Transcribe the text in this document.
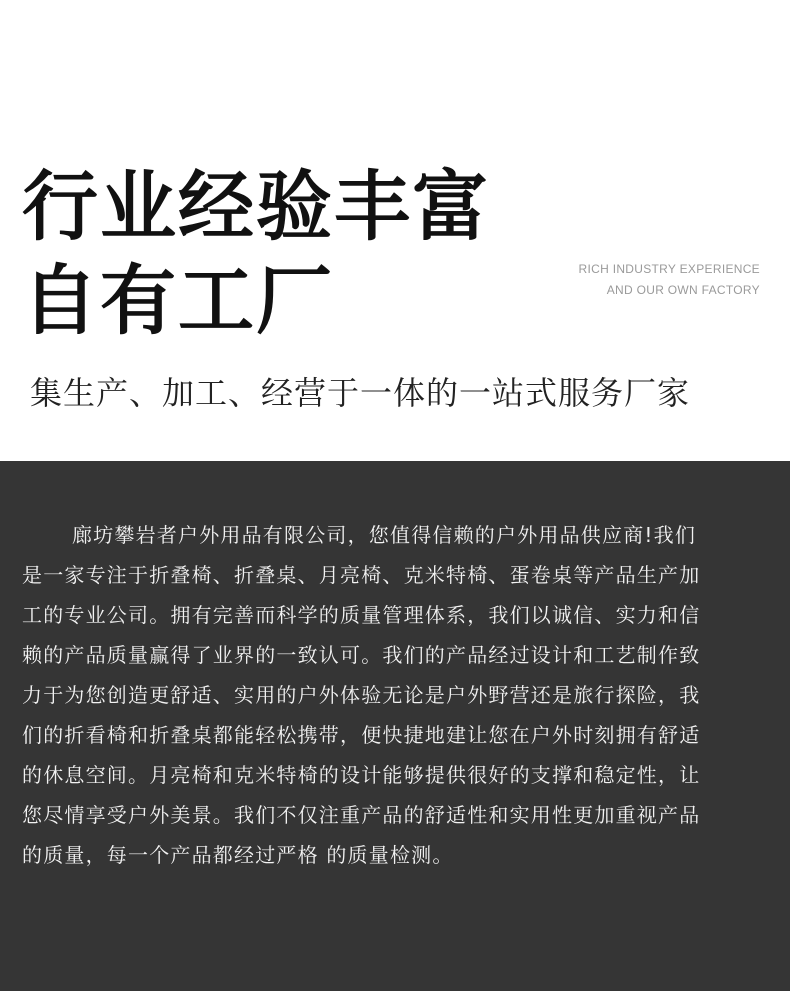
行业经验丰富
自有工厂	RICH INDUSTRY EXPERIENCE
AND OUR OWN FACTORY

集生产、加工、经营于一体的一站式服务厂家

廊坊攀岩者户外用品有限公司，您值得信赖的户外用品供应商!我们
是一家专注于折叠椅、折叠桌、月亮椅、克米特椅、蛋卷桌等产品生产加
工的专业公司。拥有完善而科学的质量管理体系，我们以诚信、实力和信
赖的产品质量赢得了业界的一致认可。我们的产品经过设计和工艺制作致
力于为您创造更舒适、实用的户外体验无论是户外野营还是旅行探险，我
们的折看椅和折叠桌都能轻松携带，便快捷地建让您在户外时刻拥有舒适
的休息空间。月亮椅和克米特椅的设计能够提供很好的支撑和稳定性，让
您尽情享受户外美景。我们不仅注重产品的舒适性和实用性更加重视产品
的质量，每一个产品都经过严格 的质量检测。
